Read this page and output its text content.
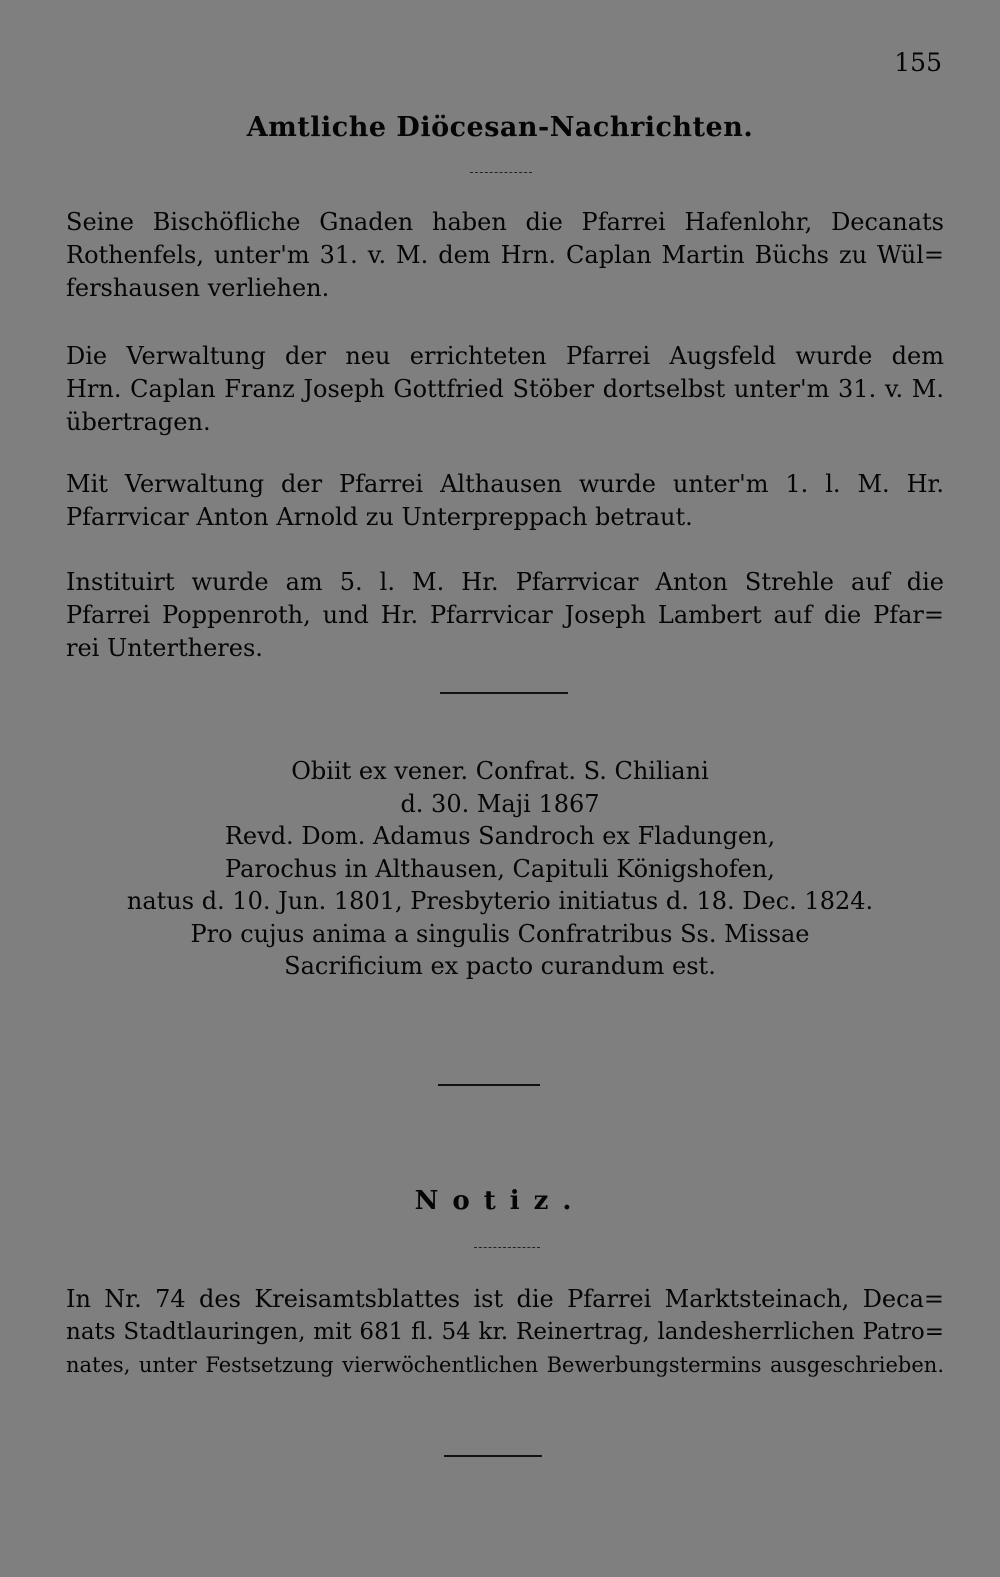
155
Amtliche Diöcesan-Nachrichten.
Seine Bischöfliche Gnaden haben die Pfarrei Hafenlohr, Decanats
Rothenfels, unter'm 31. v. M. dem Hrn. Caplan Martin Büchs zu Wül=
fershausen verliehen.
Die Verwaltung der neu errichteten Pfarrei Augsfeld wurde dem
Hrn. Caplan Franz Joseph Gottfried Stöber dortselbst unter'm 31. v. M.
übertragen.
Mit Verwaltung der Pfarrei Althausen wurde unter'm 1. l. M. Hr.
Pfarrvicar Anton Arnold zu Unterpreppach betraut.
Instituirt wurde am 5. l. M. Hr. Pfarrvicar Anton Strehle auf die
Pfarrei Poppenroth, und Hr. Pfarrvicar Joseph Lambert auf die Pfar=
rei Untertheres.
Obiit ex vener. Confrat. S. Chiliani
d. 30. Maji 1867
Revd. Dom. Adamus Sandroch ex Fladungen,
Parochus in Althausen, Capituli Königshofen,
natus d. 10. Jun. 1801, Presbyterio initiatus d. 18. Dec. 1824.
Pro cujus anima a singulis Confratribus Ss. Missae
Sacrificium ex pacto curandum est.
Notiz.
In Nr. 74 des Kreisamtsblattes ist die Pfarrei Marktsteinach, Deca=
nats Stadtlauringen, mit 681 fl. 54 kr. Reinertrag, landesherrlichen Patro=
nates, unter Festsetzung vierwöchentlichen Bewerbungstermins ausgeschrieben.
